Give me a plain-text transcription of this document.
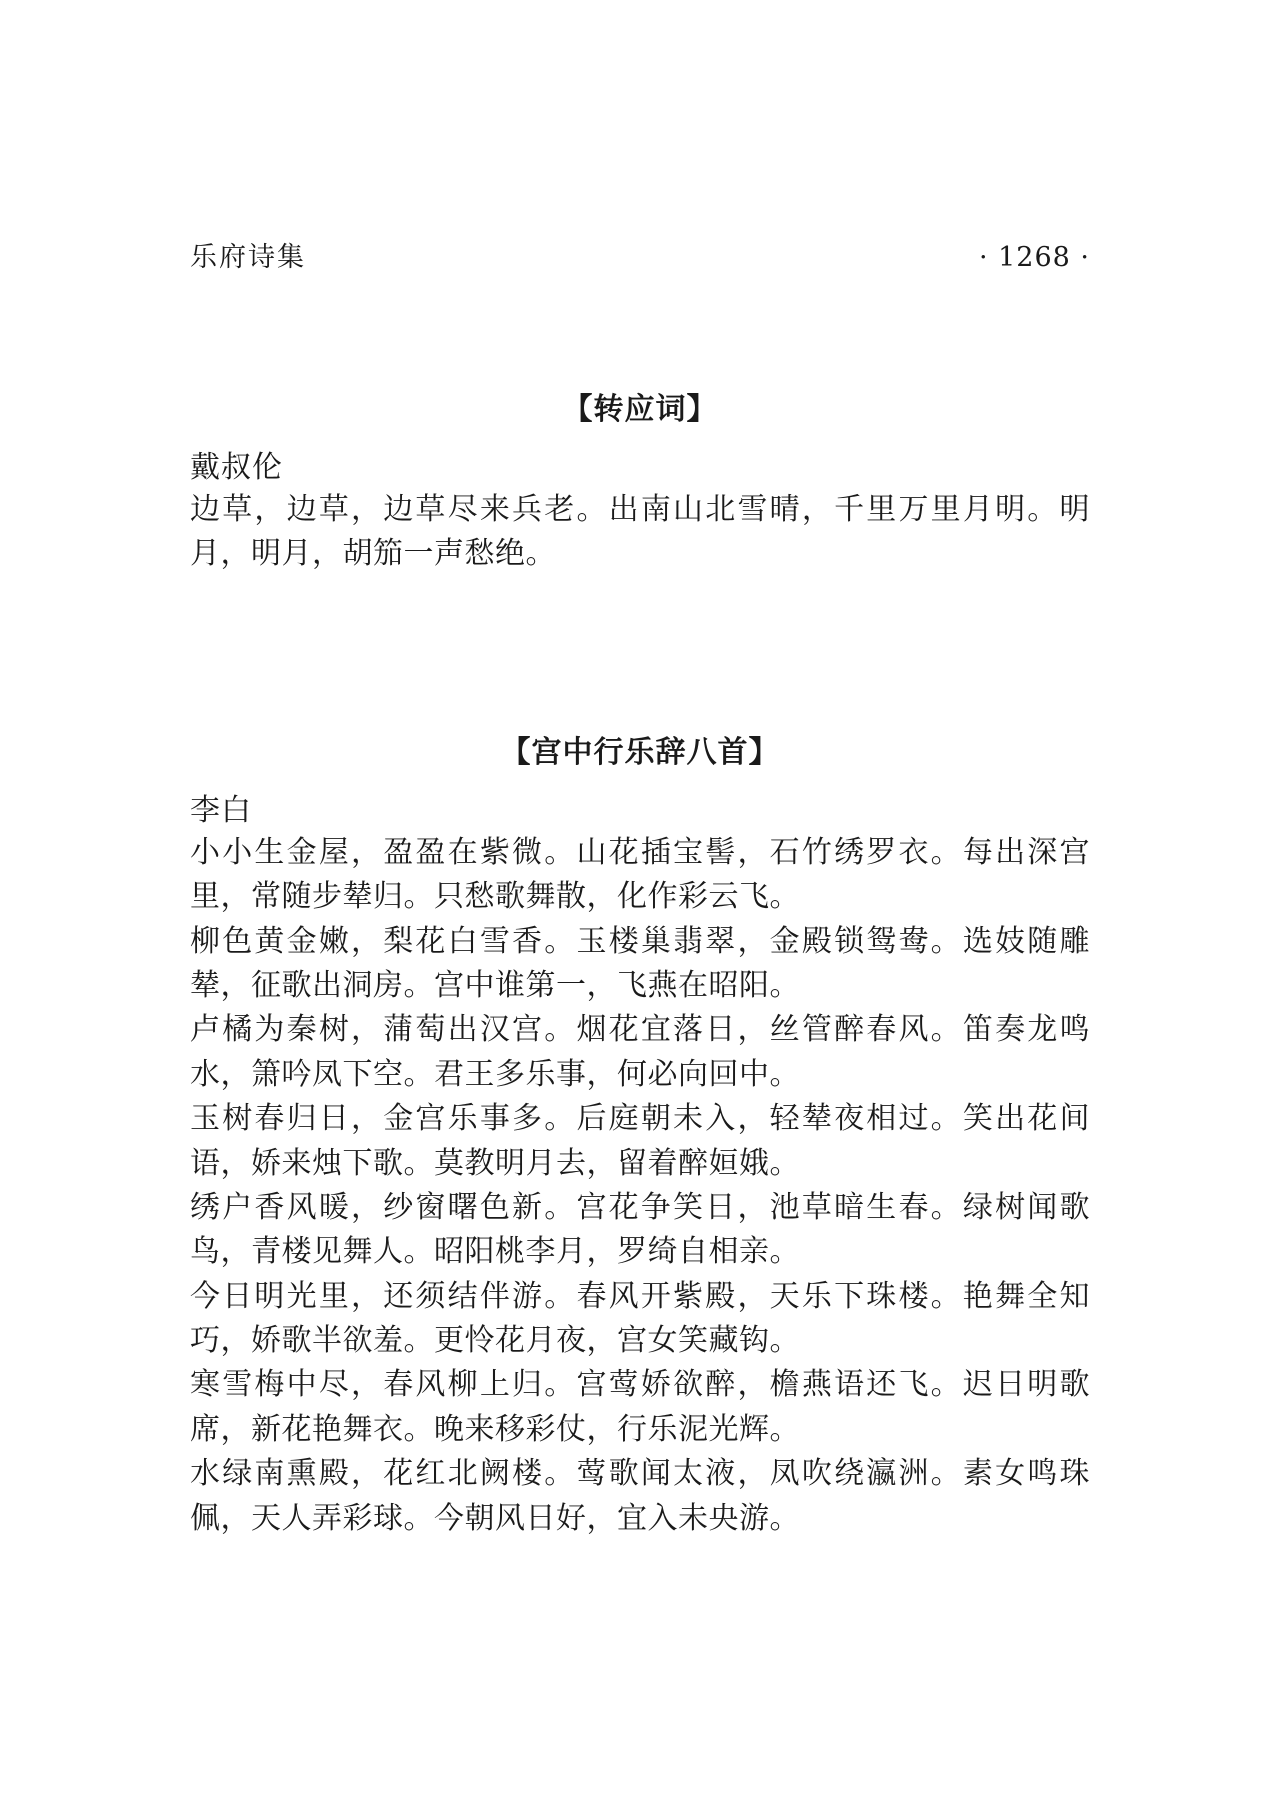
乐府诗集	· 1268 ·
【转应词】
戴叔伦

边草，边草，边草尽来兵老。出南山北雪晴，千里万里月明。明月，明月，胡笳一声愁绝。

【宫中行乐辞八首】
李白

小小生金屋，盈盈在紫微。山花插宝髻，石竹绣罗衣。每出深宫里，常随步辇归。只愁歌舞散，化作彩云飞。

柳色黄金嫩，梨花白雪香。玉楼巢翡翠，金殿锁鸳鸯。选妓随雕辇，征歌出洞房。宫中谁第一，飞燕在昭阳。

卢橘为秦树，蒲萄出汉宫。烟花宜落日，丝管醉春风。笛奏龙鸣水，箫吟凤下空。君王多乐事，何必向回中。

玉树春归日，金宫乐事多。后庭朝未入，轻辇夜相过。笑出花间语，娇来烛下歌。莫教明月去，留着醉姮娥。

绣户香风暖，纱窗曙色新。宫花争笑日，池草暗生春。绿树闻歌鸟，青楼见舞人。昭阳桃李月，罗绮自相亲。

今日明光里，还须结伴游。春风开紫殿，天乐下珠楼。艳舞全知巧，娇歌半欲羞。更怜花月夜，宫女笑藏钩。

寒雪梅中尽，春风柳上归。宫莺娇欲醉，檐燕语还飞。迟日明歌席，新花艳舞衣。晚来移彩仗，行乐泥光辉。

水绿南熏殿，花红北阙楼。莺歌闻太液，凤吹绕瀛洲。素女鸣珠佩，天人弄彩球。今朝风日好，宜入未央游。
